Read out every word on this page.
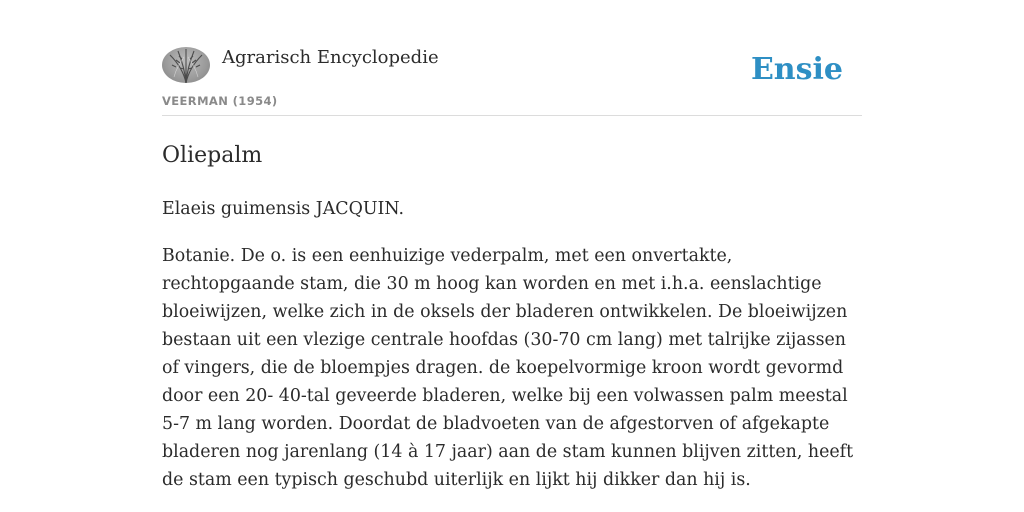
Agrarisch Encyclopedie
VEERMAN (1954)
Ensie
Oliepalm

Elaeis guimensis JACQUIN.

Botanie. De o. is een eenhuizige vederpalm, met een onvertakte, rechtopgaande stam, die 30 m hoog kan worden en met i.h.a. eenslachtige bloeiwijzen, welke zich in de oksels der bladeren ontwikkelen. De bloeiwijzen bestaan uit een vlezige centrale hoofdas (30-70 cm lang) met talrijke zijassen of vingers, die de bloempjes dragen. de koepelvormige kroon wordt gevormd door een 20- 40-tal geveerde bladeren, welke bij een volwassen palm meestal 5-7 m lang worden. Doordat de bladvoeten van de afgestorven of afgekapte bladeren nog jarenlang (14 à 17 jaar) aan de stam kunnen blijven zitten, heeft de stam een typisch geschubd uiterlijk en lijkt hij dikker dan hij is.
